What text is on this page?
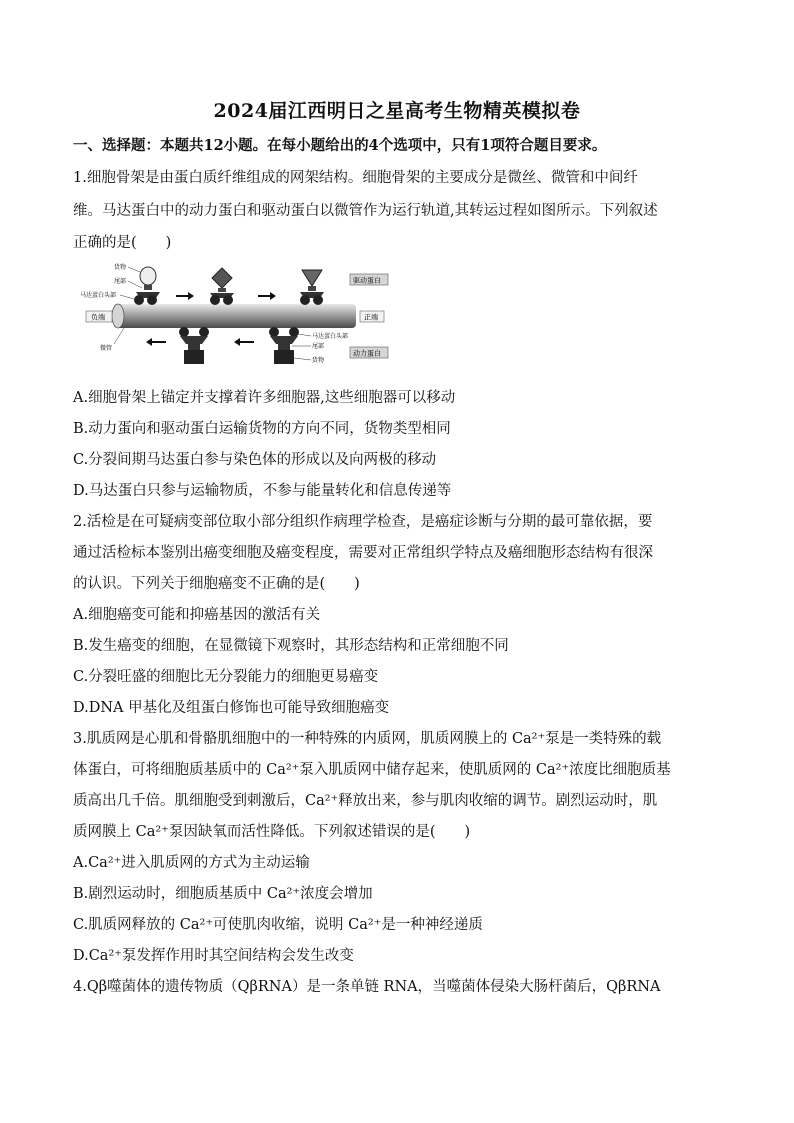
2024届江西明日之星高考生物精英模拟卷
一、选择题：本题共12小题。在每小题给出的4个选项中，只有1项符合题目要求。
1.细胞骨架是由蛋白质纤维组成的网架结构。细胞骨架的主要成分是微丝、微管和中间纤
维。马达蛋白中的动力蛋白和驱动蛋白以微管作为运行轨道,其转运过程如图所示。下列叙述
正确的是(　　)
负端	正端
驱动蛋白
动力蛋白
货物
尾部
马达蛋白头部
微管
马达蛋白头部
尾部
货物
A.细胞骨架上锚定并支撑着许多细胞器,这些细胞器可以移动
B.动力蛋向和驱动蛋白运输货物的方向不同，货物类型相同
C.分裂间期马达蛋白参与染色体的形成以及向两极的移动
D.马达蛋白只参与运输物质，不参与能量转化和信息传递等
2.活检是在可疑病变部位取小部分组织作病理学检查，是癌症诊断与分期的最可靠依据，要
通过活检标本鉴别出癌变细胞及癌变程度，需要对正常组织学特点及癌细胞形态结构有很深
的认识。下列关于细胞癌变不正确的是(　　)
A.细胞癌变可能和抑癌基因的激活有关
B.发生癌变的细胞，在显微镜下观察时，其形态结构和正常细胞不同
C.分裂旺盛的细胞比无分裂能力的细胞更易癌变
D.DNA 甲基化及组蛋白修饰也可能导致细胞癌变
3.肌质网是心肌和骨骼肌细胞中的一种特殊的内质网，肌质网膜上的 Ca²⁺泵是一类特殊的载
体蛋白，可将细胞质基质中的 Ca²⁺泵入肌质网中储存起来，使肌质网的 Ca²⁺浓度比细胞质基
质高出几千倍。肌细胞受到刺激后，Ca²⁺释放出来，参与肌肉收缩的调节。剧烈运动时，肌
质网膜上 Ca²⁺泵因缺氧而活性降低。下列叙述错误的是(　　)
A.Ca²⁺进入肌质网的方式为主动运输
B.剧烈运动时，细胞质基质中 Ca²⁺浓度会增加
C.肌质网释放的 Ca²⁺可使肌肉收缩，说明 Ca²⁺是一种神经递质
D.Ca²⁺泵发挥作用时其空间结构会发生改变
4.Qβ噬菌体的遗传物质（QβRNA）是一条单链 RNA，当噬菌体侵染大肠杆菌后，QβRNA
